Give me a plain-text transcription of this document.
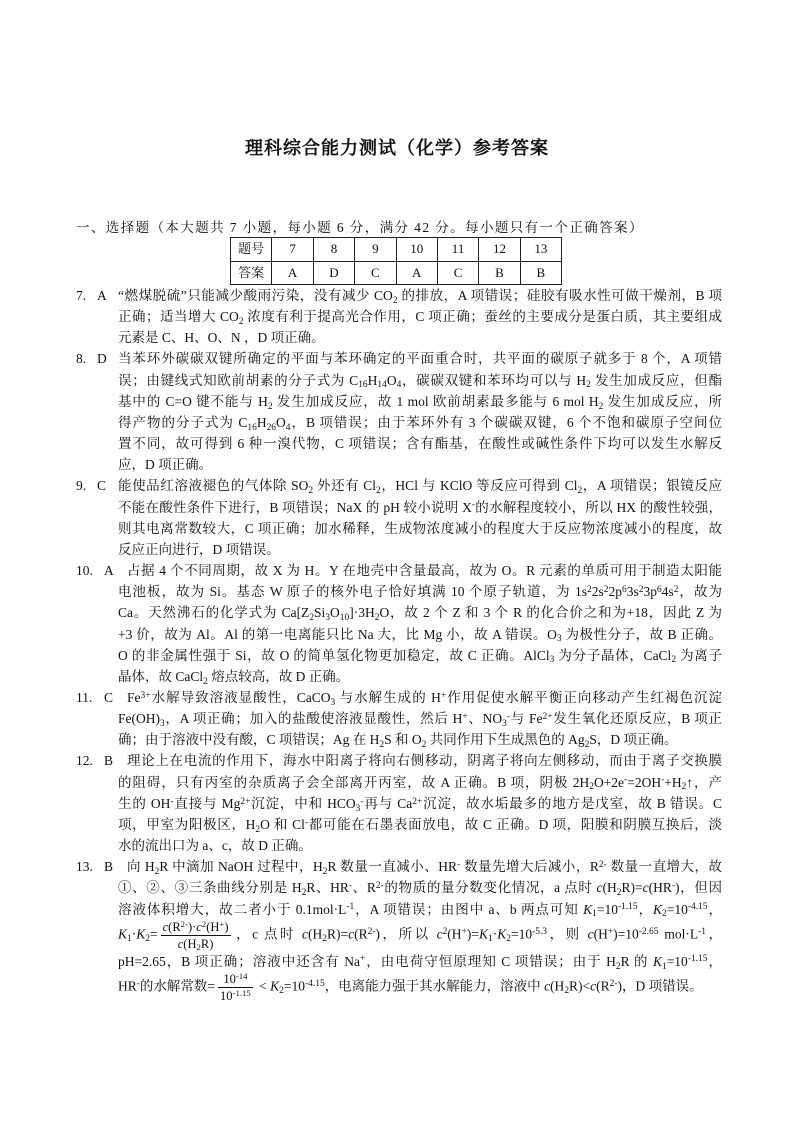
理科综合能力测试（化学）参考答案
一、选择题（本大题共 7 小题，每小题 6 分，满分 42 分。每小题只有一个正确答案）
题号	7	8	9	10	11	12	13
答案	A	D	C	A	C	B	B
7. A “燃煤脱硫”只能减少酸雨污染，没有减少 $CO_2$ 的排放，A 项错误；硅胶有吸水性可做干燥剂，B 项
正确；适当增大 $CO_2$ 浓度有利于提高光合作用，C 项正确；蚕丝的主要成分是蛋白质，其主要组成
元素是 C、H、O、N ，D 项正确。
8. D 当苯环外碳碳双键所确定的平面与苯环确定的平面重合时，共平面的碳原子就多于 8 个，A 项错
误；由键线式知欧前胡素的分子式为 $C_{16}H_{14}O_4$，碳碳双键和苯环均可以与 $H_2$ 发生加成反应，但酯
基中的 C=O 键不能与 $H_2$ 发生加成反应，故 1 mol 欧前胡素最多能与 6 mol $H_2$ 发生加成反应，所
得产物的分子式为 $C_{16}H_{26}O_4$，B 项错误；由于苯环外有 3 个碳碳双键，6 个不饱和碳原子空间位
置不同，故可得到 6 种一溴代物，C 项错误；含有酯基，在酸性或碱性条件下均可以发生水解反
应，D 项正确。
9. C 能使品红溶液褪色的气体除 $SO_2$ 外还有 $Cl_2$，HCl 与 KClO 等反应可得到 $Cl_2$，A 项错误；银镜反应
不能在酸性条件下进行，B 项错误；NaX 的 pH 较小说明 X-的水解程度较小，所以 HX 的酸性较强，
则其电离常数较大，C 项正确；加水稀释，生成物浓度减小的程度大于反应物浓度减小的程度，故
反应正向进行，D 项错误。
10. A 占据 4 个不同周期，故 X 为 H。Y 在地壳中含量最高，故为 O。R 元素的单质可用于制造太阳能
电池板，故为 Si。基态 W 原子的核外电子恰好填满 10 个原子轨道，为 $1s^22s^22p^63s^23p^64s^2$，故为
Ca。天然沸石的化学式为 $Ca[Z_2Si_3O_{10}]\cdot 3H_2O$，故 2 个 Z 和 3 个 R 的化合价之和为+18，因此 Z 为
+3 价，故为 Al。Al 的第一电离能只比 Na 大，比 Mg 小，故 A 错误。$O_3$ 为极性分子，故 B 正确。
O 的非金属性强于 Si，故 O 的简单氢化物更加稳定，故 C 正确。AlCl$_3$ 为分子晶体，CaCl$_2$ 为离子
晶体，故 CaCl$_2$ 熔点较高，故 D 正确。
11. C $Fe^{3+}$水解导致溶液显酸性，CaCO$_3$ 与水解生成的 H+作用促使水解平衡正向移动产生红褐色沉淀
$Fe(OH)_3$，A 项正确；加入的盐酸使溶液显酸性，然后 H+、$NO_3^-$与 $Fe^{2+}$发生氧化还原反应，B 项正
确；由于溶液中没有酸，C 项错误；Ag 在 $H_2S$ 和 $O_2$ 共同作用下生成黑色的 $Ag_2S$，D 项正确。
12. B 理论上在电流的作用下，海水中阳离子将向右侧移动，阴离子将向左侧移动，而由于离子交换膜
的阻碍，只有丙室的杂质离子会全部离开丙室，故 A 正确。B 项，阴极 $2H_2O+2e^-=2OH^-+H_2↑$，产
生的 OH-直接与 $Mg^{2+}$沉淀，中和 $HCO_3^-$再与 $Ca^{2+}$沉淀，故水垢最多的地方是戊室，故 B 错误。C
项，甲室为阳极区，$H_2O$ 和 Cl-都可能在石墨表面放电，故 C 正确。D 项，阳膜和阴膜互换后，淡
水的流出口为 a、c，故 D 正确。
13. B 向 $H_2R$ 中滴加 NaOH 过程中，$H_2R$ 数量一直减小、HR- 数量先增大后减小，$R^{2-}$ 数量一直增大，故
①、②、③三条曲线分别是 $H_2R$、HR-、$R^{2-}$的物质的量分数变化情况，a 点时 $c(H_2R)=c(HR^-)$，但因
溶液体积增大，故二者小于 $0.1mol\cdot L^{-1}$，A 项错误；由图中 a、b 两点可知 $K_1=10^{-1.15}$，$K_2=10^{-4.15}$，
$K_1\cdot K_2= \frac{c(R^{2-})\cdot c^2(H^+)}{c(H_2R)}$ ，c 点时 $c(H_2R)=c(R^{2-})$，所以 $c^2(H^+)=K_1\cdot K_2=10^{-5.3}$，则 $c(H^+)=10^{-2.65}$ $mol\cdot L^{-1}$，
pH=2.65，B 项正确；溶液中还含有 Na+，由电荷守恒原理知 C 项错误；由于 $H_2R$ 的 $K_1=10^{-1.15}$，
HR-的水解常数= $\frac{10^{-14}}{10^{-1.15}} < K_2=10^{-4.15}$，电离能力强于其水解能力，溶液中 $c(H_2R)<c(R^{2-})$，D 项错误。
